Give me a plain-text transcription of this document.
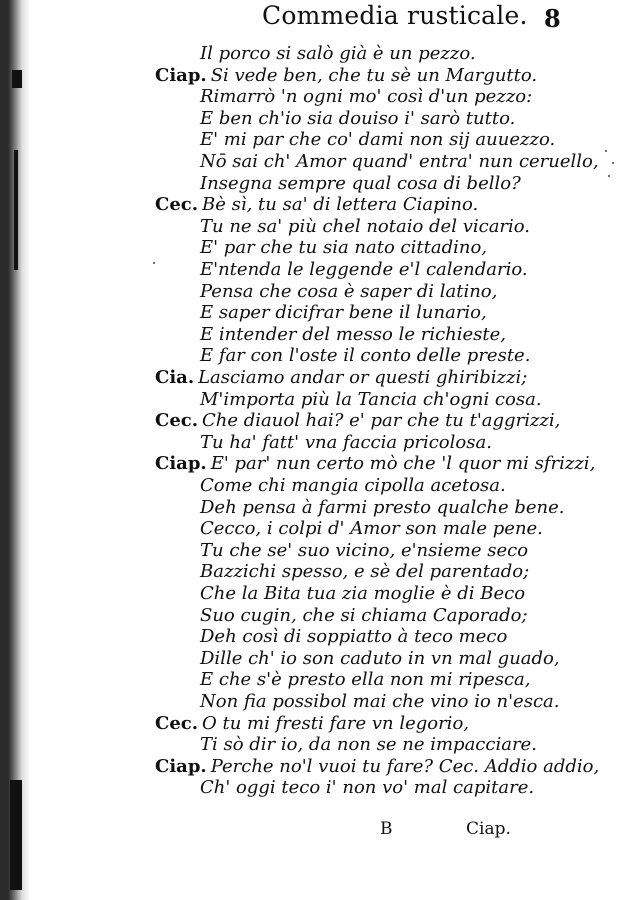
Commedia rusticale. 8
Il porco si salò già è un pezzo.
Ciap. Si vede ben, che tu sè un Margutto.
Rimarrò 'n ogni mo' così d'un pezzo:
E ben ch'io sia douiso i' sarò tutto.
E' mi par che co' dami non sij auuezzo.
Nō sai ch' Amor quand' entra' nun ceruello,
Insegna sempre qual cosa di bello?
Cec. Bè sì, tu sa' di lettera Ciapino.
Tu ne sa' più chel notaio del vicario.
E' par che tu sia nato cittadino,
E'ntenda le leggende e'l calendario.
Pensa che cosa è saper di latino,
E saper dicifrar bene il lunario,
E intender del messo le richieste,
E far con l'oste il conto delle preste.
Cia. Lasciamo andar or questi ghiribizzi;
M'importa più la Tancia ch'ogni cosa.
Cec. Che diauol hai? e' par che tu t'aggrizzi,
Tu ha' fatt' vna faccia pricolosa.
Ciap. E' par' nun certo mò che 'l quor mi sfrizzi,
Come chi mangia cipolla acetosa.
Deh pensa à farmi presto qualche bene.
Cecco, i colpi d' Amor son male pene.
Tu che se' suo vicino, e'nsieme seco
Bazzichi spesso, e sè del parentado;
Che la Bita tua zia moglie è di Beco
Suo cugin, che si chiama Caporado;
Deh così di soppiatto à teco meco
Dille ch' io son caduto in vn mal guado,
E che s'è presto ella non mi ripesca,
Non fia possibol mai che vino io n'esca.
Cec. O tu mi fresti fare vn legorio,
Ti sò dir io, da non se ne impacciare.
Ciap. Perche no'l vuoi tu fare? Cec. Addio addio,
Ch' oggi teco i' non vo' mal capitare.
B	Ciap.
